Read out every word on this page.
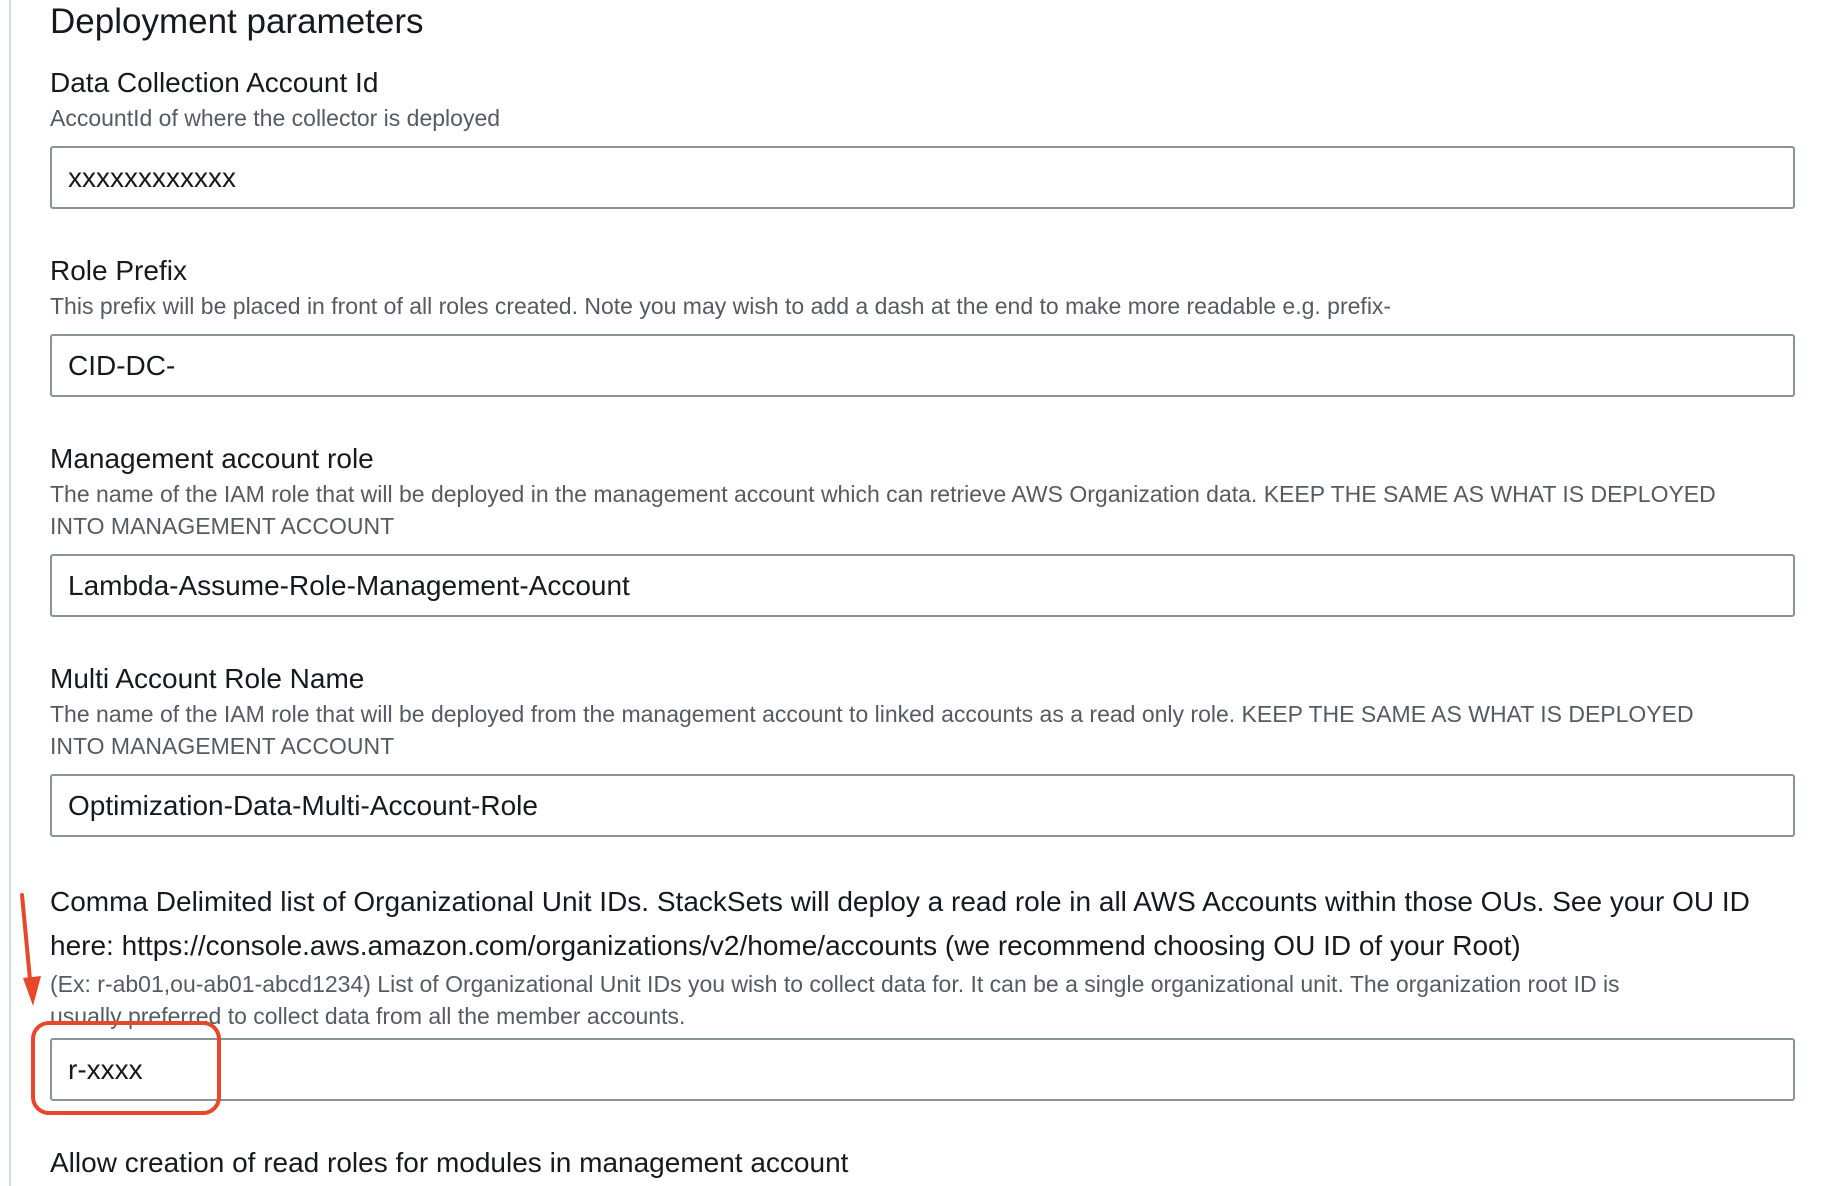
Deployment parameters

Data Collection Account Id

AccountId of where the collector is deployed

xxxxxxxxxxxx

Role Prefix

This prefix will be placed in front of all roles created. Note you may wish to add a dash at the end to make more readable e.g. prefix-

CID-DC-

Management account role

The name of the IAM role that will be deployed in the management account which can retrieve AWS Organization data. KEEP THE SAME AS WHAT IS DEPLOYED

INTO MANAGEMENT ACCOUNT

Lambda-Assume-Role-Management-Account

Multi Account Role Name

The name of the IAM role that will be deployed from the management account to linked accounts as a read only role. KEEP THE SAME AS WHAT IS DEPLOYED

INTO MANAGEMENT ACCOUNT

Optimization-Data-Multi-Account-Role

Comma Delimited list of Organizational Unit IDs. StackSets will deploy a read role in all AWS Accounts within those OUs. See your OU ID

here: https://console.aws.amazon.com/organizations/v2/home/accounts (we recommend choosing OU ID of your Root)

(Ex: r-ab01,ou-ab01-abcd1234) List of Organizational Unit IDs you wish to collect data for. It can be a single organizational unit. The organization root ID is

usually preferred to collect data from all the member accounts.

r-xxxx

Allow creation of read roles for modules in management account
